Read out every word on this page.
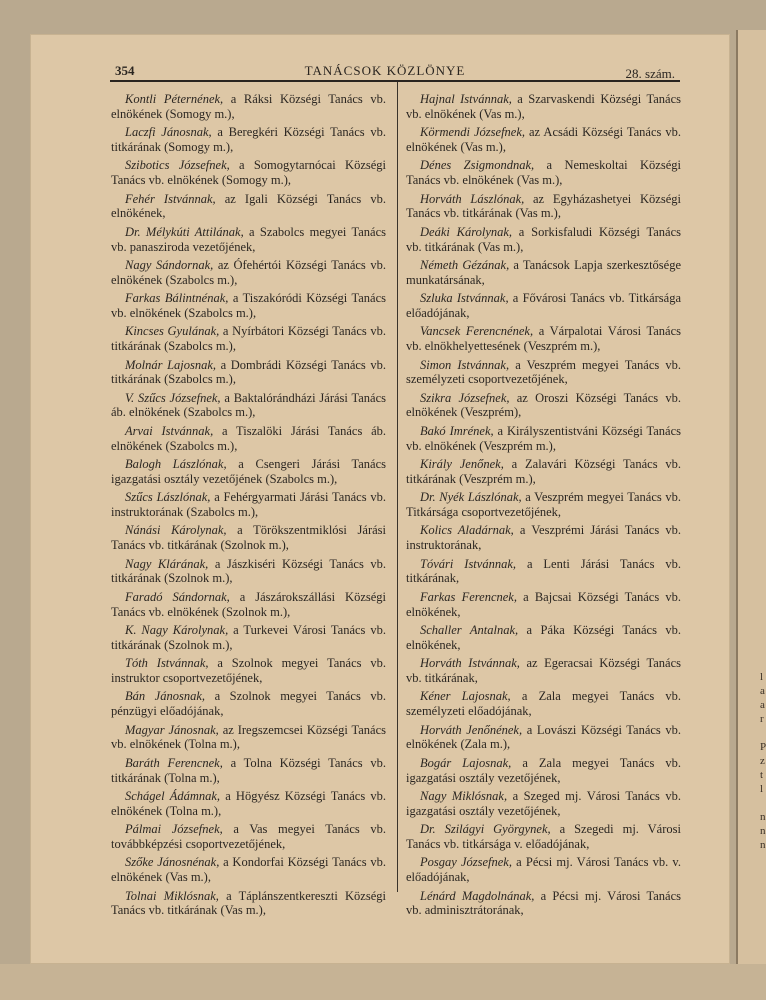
l
a
a
r
P
z
t
l
n
n
n
354	TANÁCSOK KÖZLÖNYE	28. szám.
Kontli Péternének, a Ráksi Községi Tanács vb. elnökének (Somogy m.),
Laczfi Jánosnak, a Beregkéri Községi Tanács vb. titkárának (Somogy m.),
Szibotics Józsefnek, a Somogytarnócai Községi Tanács vb. elnökének (Somogy m.),
Fehér Istvánnak, az Igali Községi Tanács vb. elnökének,
Dr. Mélykúti Attilának, a Szabolcs megyei Tanács vb. panasziroda vezetőjének,
Nagy Sándornak, az Ófehértói Községi Tanács vb. elnökének (Szabolcs m.),
Farkas Bálintnénak, a Tiszakóródi Községi Tanács vb. elnökének (Szabolcs m.),
Kincses Gyulának, a Nyírbátori Községi Tanács vb. titkárának (Szabolcs m.),
Molnár Lajosnak, a Dombrádi Községi Tanács vb. titkárának (Szabolcs m.),
V. Szűcs Józsefnek, a Baktalórándházi Járási Tanács áb. elnökének (Szabolcs m.),
Arvai Istvánnak, a Tiszalöki Járási Tanács áb. elnökének (Szabolcs m.),
Balogh Lászlónak, a Csengeri Járási Tanács igazgatási osztály vezetőjének (Szabolcs m.),
Szűcs Lászlónak, a Fehérgyarmati Járási Tanács vb. instruktorának (Szabolcs m.),
Nánási Károlynak, a Törökszentmiklósi Járási Tanács vb. titkárának (Szolnok m.),
Nagy Klárának, a Jászkiséri Községi Tanács vb. titkárának (Szolnok m.),
Faradó Sándornak, a Jászárokszállási Községi Tanács vb. elnökének (Szolnok m.),
K. Nagy Károlynak, a Turkevei Városi Tanács vb. titkárának (Szolnok m.),
Tóth Istvánnak, a Szolnok megyei Tanács vb. instruktor csoportvezetőjének,
Bán Jánosnak, a Szolnok megyei Tanács vb. pénzügyi előadójának,
Magyar Jánosnak, az Iregszemcsei Községi Tanács vb. elnökének (Tolna m.),
Baráth Ferencnek, a Tolna Községi Tanács vb. titkárának (Tolna m.),
Schágel Ádámnak, a Högyész Községi Tanács vb. elnökének (Tolna m.),
Pálmai Józsefnek, a Vas megyei Tanács vb. továbbképzési csoportvezetőjének,
Szőke Jánosnénak, a Kondorfai Községi Tanács vb. elnökének (Vas m.),
Tolnai Miklósnak, a Táplánszentkereszti Községi Tanács vb. titkárának (Vas m.),
Hajnal Istvánnak, a Szarvaskendi Községi Tanács vb. elnökének (Vas m.),
Körmendi Józsefnek, az Acsádi Községi Tanács vb. elnökének (Vas m.),
Dénes Zsigmondnak, a Nemeskoltai Községi Tanács vb. elnökének (Vas m.),
Horváth Lászlónak, az Egyházashetyei Községi Tanács vb. titkárának (Vas m.),
Deáki Károlynak, a Sorkisfaludi Községi Tanács vb. titkárának (Vas m.),
Németh Gézának, a Tanácsok Lapja szerkesztősége munkatársának,
Szluka Istvánnak, a Fővárosi Tanács vb. Titkársága előadójának,
Vancsek Ferencnének, a Várpalotai Városi Tanács vb. elnökhelyettesének (Veszprém m.),
Simon Istvánnak, a Veszprém megyei Tanács vb. személyzeti csoportvezetőjének,
Szikra Józsefnek, az Oroszi Községi Tanács vb. elnökének (Veszprém),
Bakó Imrének, a Királyszentistváni Községi Tanács vb. elnökének (Veszprém m.),
Király Jenőnek, a Zalavári Községi Tanács vb. titkárának (Veszprém m.),
Dr. Nyék Lászlónak, a Veszprém megyei Tanács vb. Titkársága csoportvezetőjének,
Kolics Aladárnak, a Veszprémi Járási Tanács vb. instruktorának,
Tóvári Istvánnak, a Lenti Járási Tanács vb. titkárának,
Farkas Ferencnek, a Bajcsai Községi Tanács vb. elnökének,
Schaller Antalnak, a Páka Községi Tanács vb. elnökének,
Horváth Istvánnak, az Egeracsai Községi Tanács vb. titkárának,
Kéner Lajosnak, a Zala megyei Tanács vb. személyzeti előadójának,
Horváth Jenőnének, a Lovászi Községi Tanács vb. elnökének (Zala m.),
Bogár Lajosnak, a Zala megyei Tanács vb. igazgatási osztály vezetőjének,
Nagy Miklósnak, a Szeged mj. Városi Tanács vb. igazgatási osztály vezetőjének,
Dr. Szilágyi Györgynek, a Szegedi mj. Városi Tanács vb. titkársága v. előadójának,
Posgay Józsefnek, a Pécsi mj. Városi Tanács vb. v. előadójának,
Lénárd Magdolnának, a Pécsi mj. Városi Tanács vb. adminisztrátorának,
